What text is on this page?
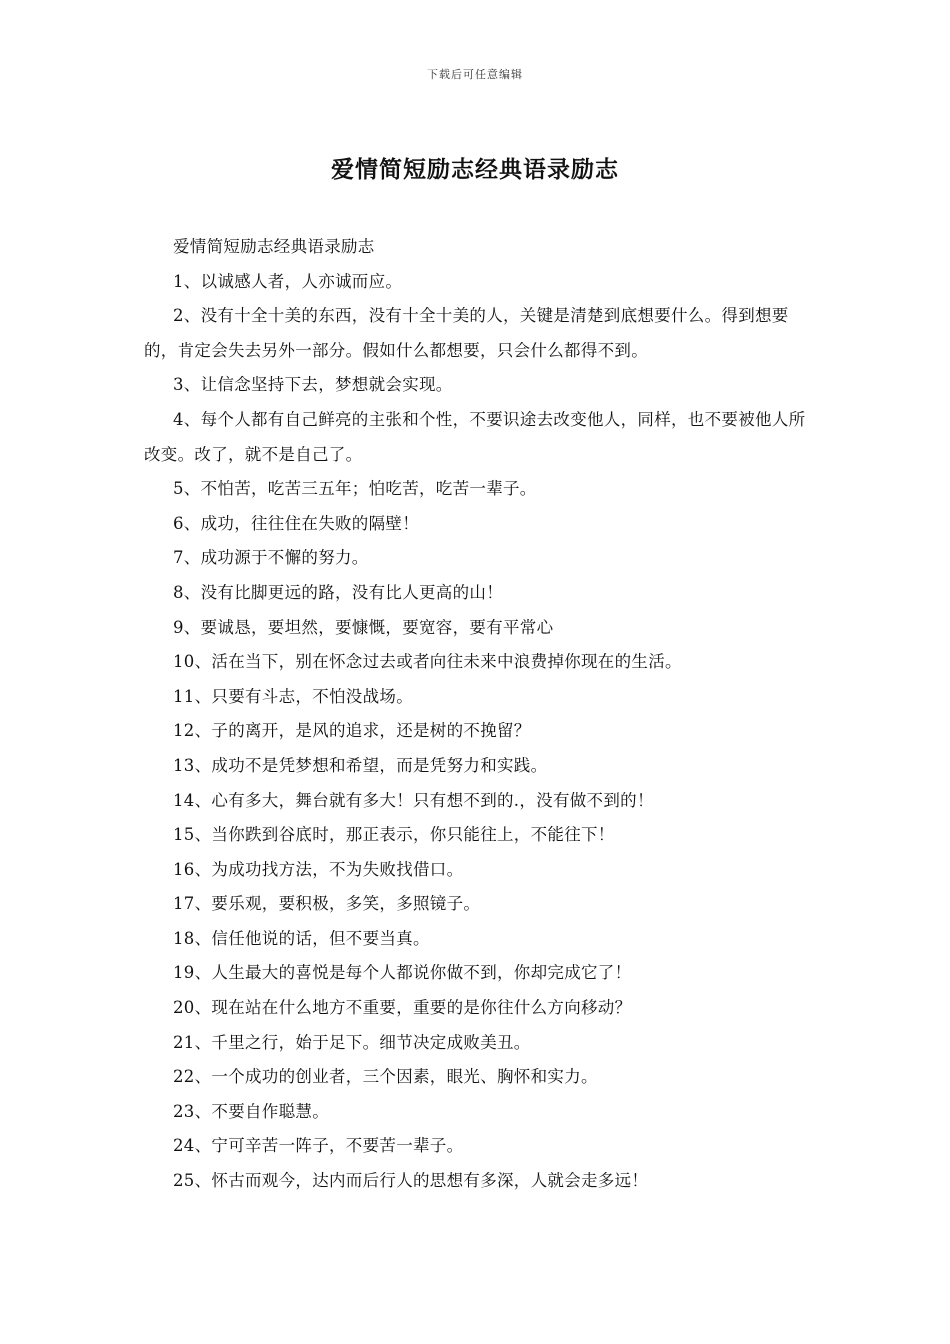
下载后可任意编辑
爱情简短励志经典语录励志

爱情简短励志经典语录励志

1、以诚感人者，人亦诚而应。

2、没有十全十美的东西，没有十全十美的人，关键是清楚到底想要什么。得到想要的，肯定会失去另外一部分。假如什么都想要，只会什么都得不到。

3、让信念坚持下去，梦想就会实现。

4、每个人都有自己鲜亮的主张和个性，不要识途去改变他人，同样，也不要被他人所改变。改了，就不是自己了。

5、不怕苦，吃苦三五年；怕吃苦，吃苦一辈子。

6、成功，往往住在失败的隔壁！

7、成功源于不懈的努力。

8、没有比脚更远的路，没有比人更高的山！

9、要诚恳，要坦然，要慷慨，要宽容，要有平常心

10、活在当下，别在怀念过去或者向往未来中浪费掉你现在的生活。

11、只要有斗志，不怕没战场。

12、子的离开，是风的追求，还是树的不挽留？

13、成功不是凭梦想和希望，而是凭努力和实践。

14、心有多大，舞台就有多大！只有想不到的.，没有做不到的！

15、当你跌到谷底时，那正表示，你只能往上，不能往下！

16、为成功找方法，不为失败找借口。

17、要乐观，要积极，多笑，多照镜子。

18、信任他说的话，但不要当真。

19、人生最大的喜悦是每个人都说你做不到，你却完成它了！

20、现在站在什么地方不重要，重要的是你往什么方向移动？

21、千里之行，始于足下。细节决定成败美丑。

22、一个成功的创业者，三个因素，眼光、胸怀和实力。

23、不要自作聪慧。

24、宁可辛苦一阵子，不要苦一辈子。

25、怀古而观今，达内而后行人的思想有多深，人就会走多远！
